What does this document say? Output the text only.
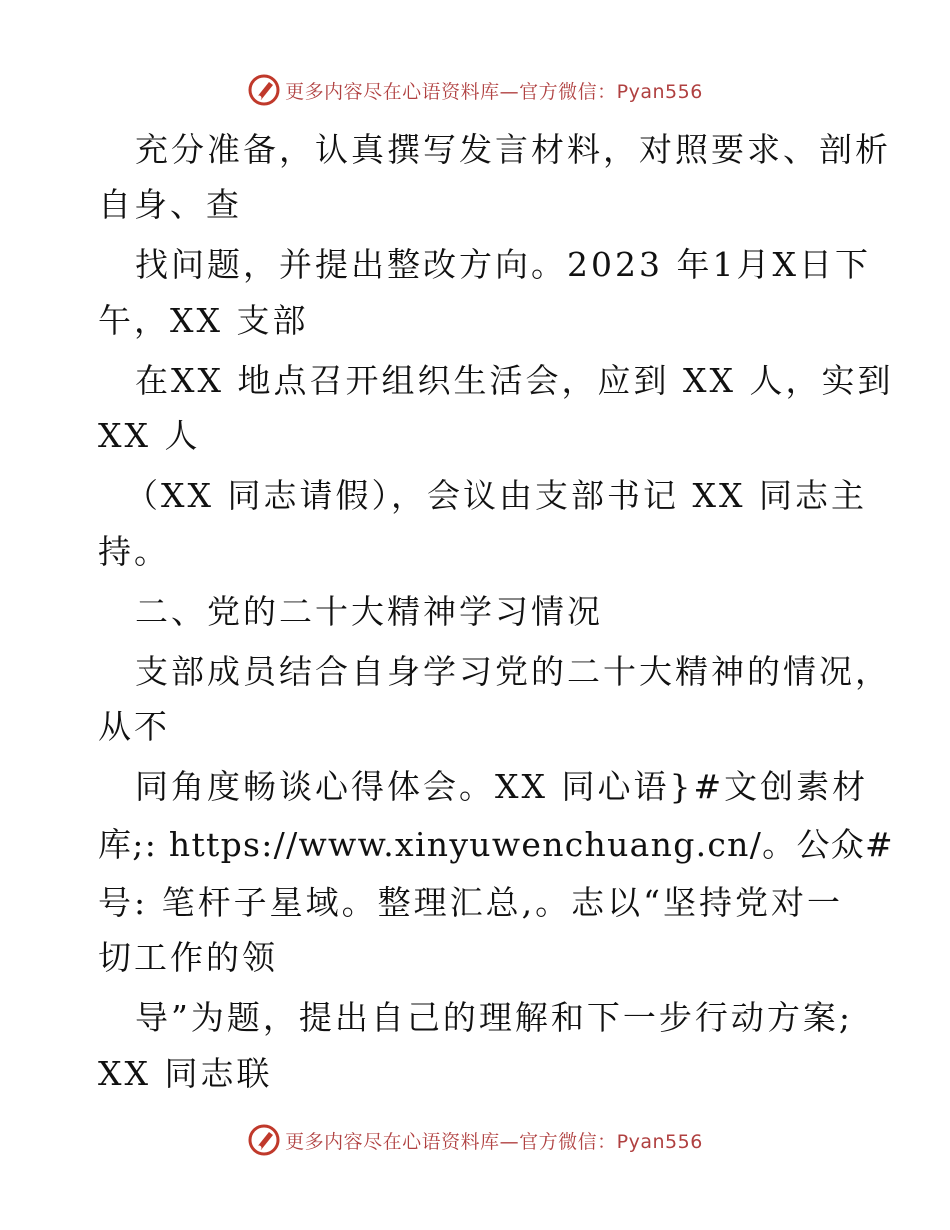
更多内容尽在心语资料库—官方微信：Pyan556
充分准备，认真撰写发言材料，对照要求、剖析
自身、查
找问题，并提出整改方向。2023 年1月X日下
午，XX 支部
在XX 地点召开组织生活会，应到 XX 人，实到
XX 人
（XX 同志请假），会议由支部书记 XX 同志主
持。
二、党的二十大精神学习情况
支部成员结合自身学习党的二十大精神的情况，
从不
同角度畅谈心得体会。XX 同心语}#文创素材
库;: https://www.xinyuwenchuang.cn/。公众#
号: 笔杆子星域。整理汇总,。志以“坚持党对一
切工作的领
导”为题，提出自己的理解和下一步行动方案;
XX 同志联
更多内容尽在心语资料库—官方微信：Pyan556
